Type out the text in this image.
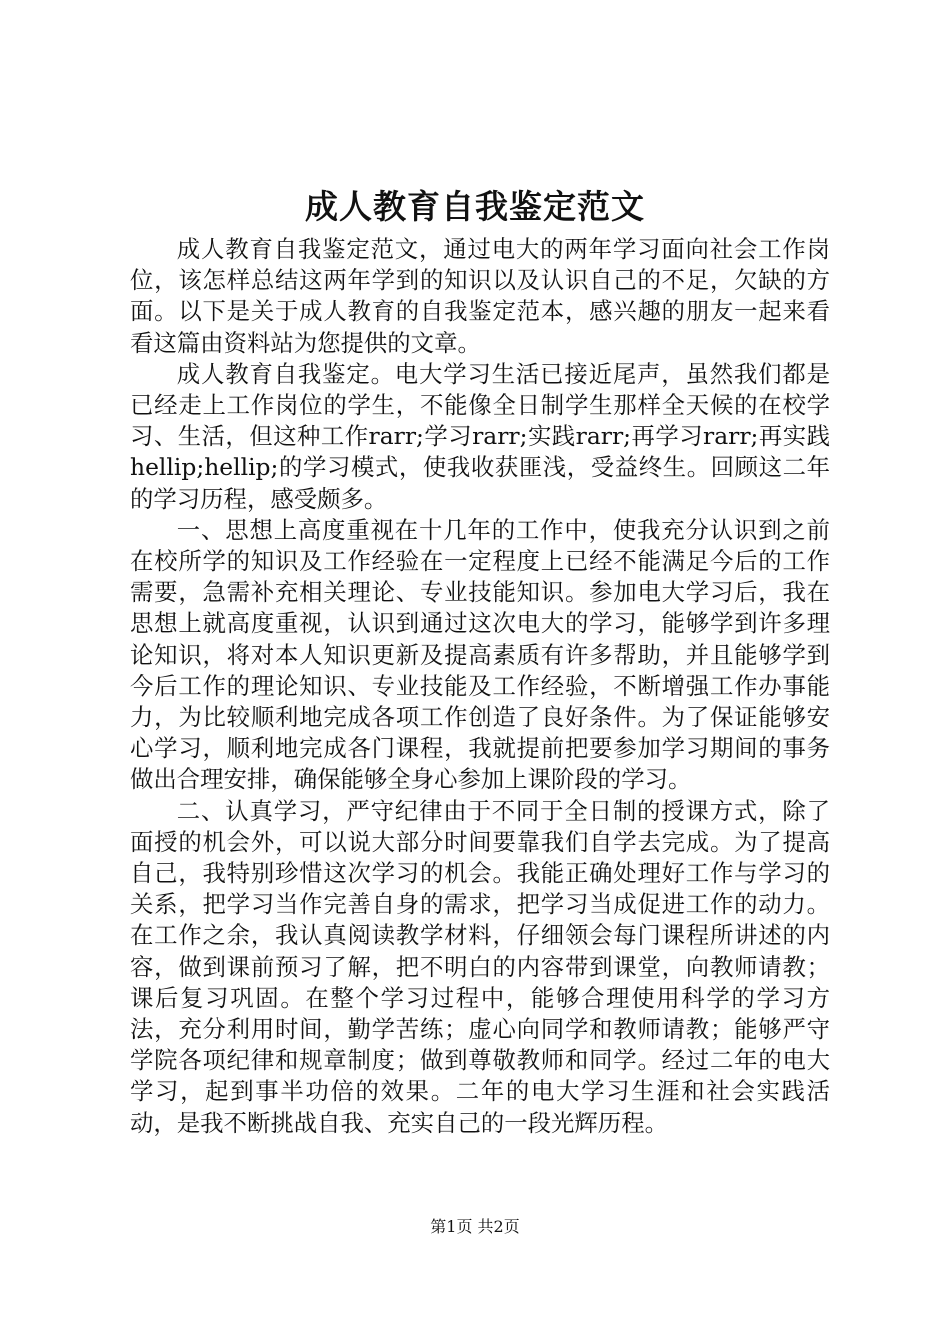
成人教育自我鉴定范文

成人教育自我鉴定范文，通过电大的两年学习面向社会工作岗位，该怎样总结这两年学到的知识以及认识自己的不足，欠缺的方面。以下是关于成人教育的自我鉴定范本，感兴趣的朋友一起来看看这篇由资料站为您提供的文章。

成人教育自我鉴定。电大学习生活已接近尾声，虽然我们都是已经走上工作岗位的学生，不能像全日制学生那样全天候的在校学习、生活，但这种工作rarr;学习rarr;实践rarr;再学习rarr;再实践hellip;hellip;的学习模式，使我收获匪浅，受益终生。回顾这二年的学习历程，感受颇多。

一、思想上高度重视在十几年的工作中，使我充分认识到之前在校所学的知识及工作经验在一定程度上已经不能满足今后的工作需要，急需补充相关理论、专业技能知识。参加电大学习后，我在思想上就高度重视，认识到通过这次电大的学习，能够学到许多理论知识，将对本人知识更新及提高素质有许多帮助，并且能够学到今后工作的理论知识、专业技能及工作经验，不断增强工作办事能力，为比较顺利地完成各项工作创造了良好条件。为了保证能够安心学习，顺利地完成各门课程，我就提前把要参加学习期间的事务做出合理安排，确保能够全身心参加上课阶段的学习。

二、认真学习，严守纪律由于不同于全日制的授课方式，除了面授的机会外，可以说大部分时间要靠我们自学去完成。为了提高自己，我特别珍惜这次学习的机会。我能正确处理好工作与学习的关系，把学习当作完善自身的需求，把学习当成促进工作的动力。在工作之余，我认真阅读教学材料，仔细领会每门课程所讲述的内容，做到课前预习了解，把不明白的内容带到课堂，向教师请教；课后复习巩固。在整个学习过程中，能够合理使用科学的学习方法，充分利用时间，勤学苦练；虚心向同学和教师请教；能够严守学院各项纪律和规章制度；做到尊敬教师和同学。经过二年的电大学习，起到事半功倍的效果。二年的电大学习生涯和社会实践活动，是我不断挑战自我、充实自己的一段光辉历程。

第1页 共2页
